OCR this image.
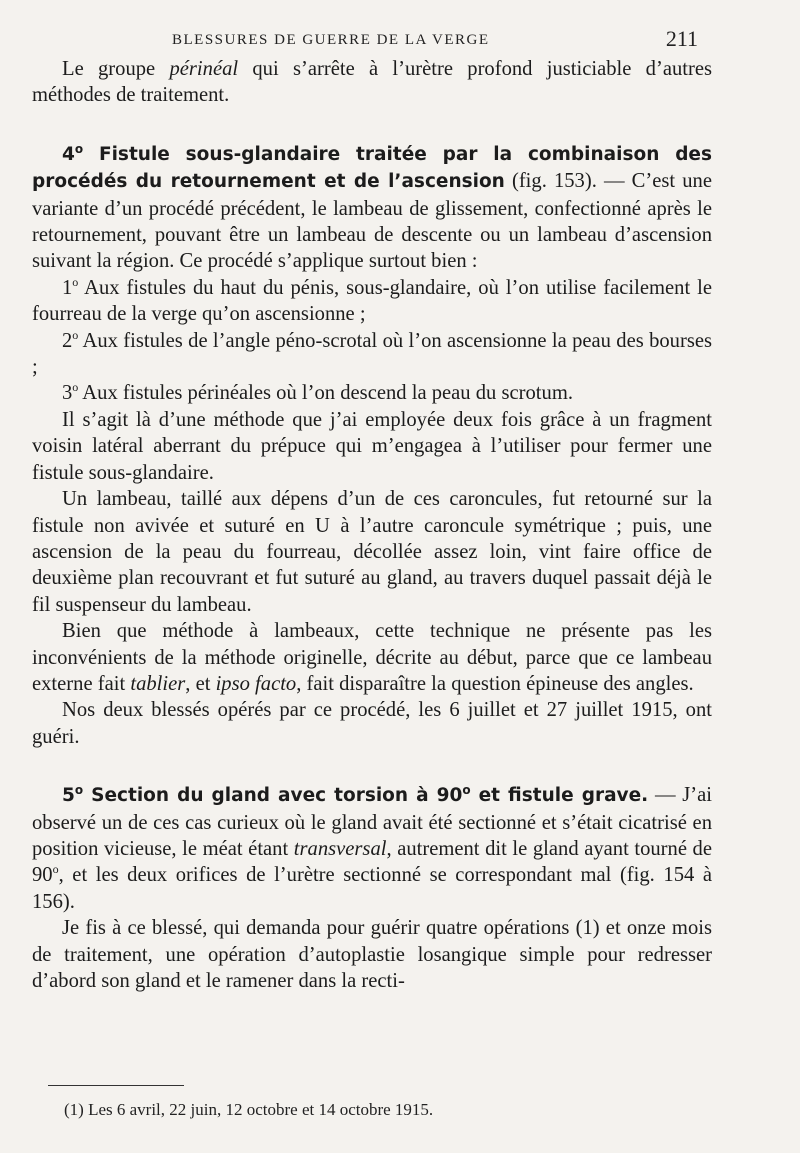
BLESSURES DE GUERRE DE LA VERGE	211

Le groupe périnéal qui s’arrête à l’urètre profond justiciable d’autres méthodes de traitement.

4$^o$ Fistule sous-glandaire traitée par la combinaison des procédés du retournement et de l’ascension (fig. 153). — C’est une variante d’un procédé précédent, le lambeau de glissement, confectionné après le retournement, pouvant être un lambeau de descente ou un lambeau d’ascension suivant la région. Ce procédé s’applique surtout bien :

1$^o$ Aux fistules du haut du pénis, sous-glandaire, où l’on utilise facilement le fourreau de la verge qu’on ascensionne ;

2$^o$ Aux fistules de l’angle péno-scrotal où l’on ascensionne la peau des bourses ;

3$^o$ Aux fistules périnéales où l’on descend la peau du scrotum.

Il s’agit là d’une méthode que j’ai employée deux fois grâce à un fragment voisin latéral aberrant du prépuce qui m’engagea à l’utiliser pour fermer une fistule sous-glandaire.

Un lambeau, taillé aux dépens d’un de ces caroncules, fut retourné sur la fistule non avivée et suturé en U à l’autre caroncule symétrique ; puis, une ascension de la peau du fourreau, décollée assez loin, vint faire office de deuxième plan recouvrant et fut suturé au gland, au travers duquel passait déjà le fil suspenseur du lambeau.

Bien que méthode à lambeaux, cette technique ne présente pas les inconvénients de la méthode originelle, décrite au début, parce que ce lambeau externe fait tablier, et ipso facto, fait disparaître la question épineuse des angles.

Nos deux blessés opérés par ce procédé, les 6 juillet et 27 juillet 1915, ont guéri.

5$^o$ Section du gland avec torsion à 90$^o$ et fistule grave. — J’ai observé un de ces cas curieux où le gland avait été sectionné et s’était cicatrisé en position vicieuse, le méat étant transversal, autrement dit le gland ayant tourné de 90$^o$, et les deux orifices de l’urètre sectionné se correspondant mal (fig. 154 à 156).

Je fis à ce blessé, qui demanda pour guérir quatre opérations (1) et onze mois de traitement, une opération d’autoplastie losangique simple pour redresser d’abord son gland et le ramener dans la recti-

(1) Les 6 avril, 22 juin, 12 octobre et 14 octobre 1915.
